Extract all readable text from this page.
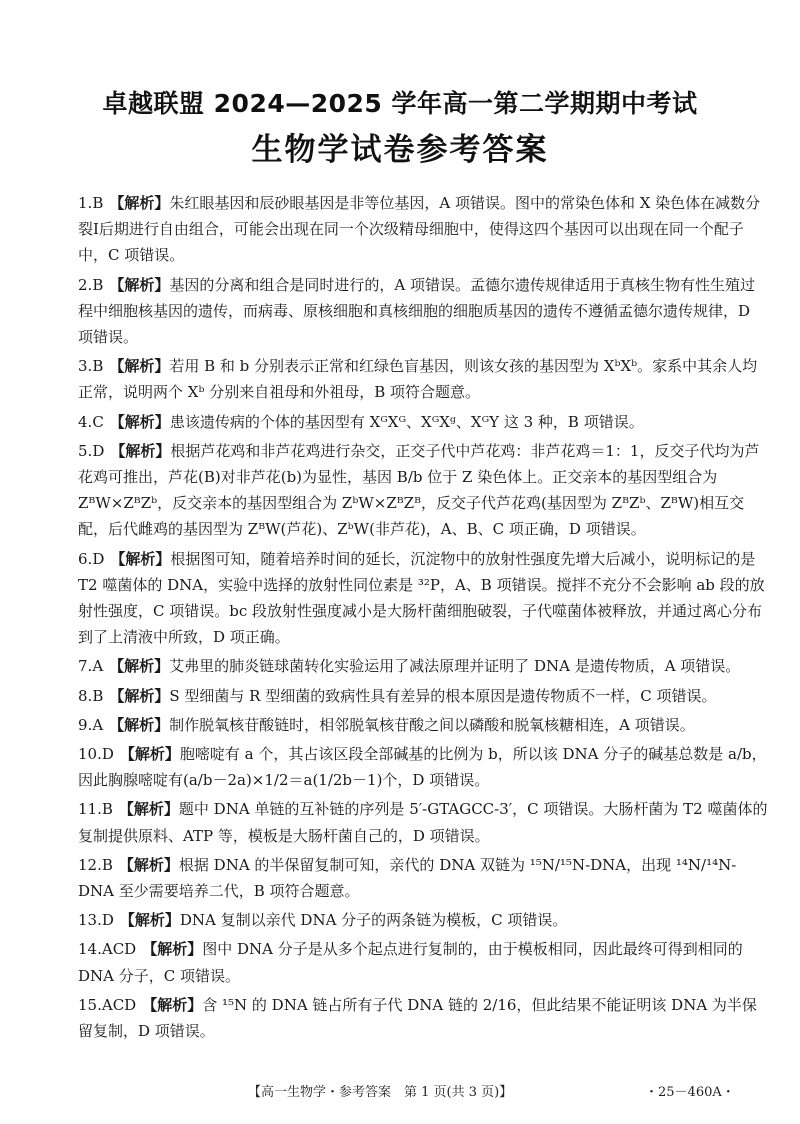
卓越联盟 2024—2025 学年高一第二学期期中考试
生物学试卷参考答案
1.B 【解析】朱红眼基因和辰砂眼基因是非等位基因，A 项错误。图中的常染色体和 X 染色体在减数分裂Ⅰ后期进行自由组合，可能会出现在同一个次级精母细胞中，使得这四个基因可以出现在同一个配子中，C 项错误。
2.B 【解析】基因的分离和组合是同时进行的，A 项错误。孟德尔遗传规律适用于真核生物有性生殖过程中细胞核基因的遗传，而病毒、原核细胞和真核细胞的细胞质基因的遗传不遵循孟德尔遗传规律，D 项错误。
3.B 【解析】若用 B 和 b 分别表示正常和红绿色盲基因，则该女孩的基因型为 XᵇXᵇ。家系中其余人均正常，说明两个 Xᵇ 分别来自祖母和外祖母，B 项符合题意。
4.C 【解析】患该遗传病的个体的基因型有 XᴳXᴳ、XᴳXᵍ、XᴳY 这 3 种，B 项错误。
5.D 【解析】根据芦花鸡和非芦花鸡进行杂交，正交子代中芦花鸡：非芦花鸡＝1：1，反交子代均为芦花鸡可推出，芦花(B)对非芦花(b)为显性，基因 B/b 位于 Z 染色体上。正交亲本的基因型组合为 ZᴮW×ZᴮZᵇ，反交亲本的基因型组合为 ZᵇW×ZᴮZᴮ，反交子代芦花鸡(基因型为 ZᴮZᵇ、ZᴮW)相互交配，后代雌鸡的基因型为 ZᴮW(芦花)、ZᵇW(非芦花)，A、B、C 项正确，D 项错误。
6.D 【解析】根据图可知，随着培养时间的延长，沉淀物中的放射性强度先增大后减小，说明标记的是 T2 噬菌体的 DNA，实验中选择的放射性同位素是 ³²P，A、B 项错误。搅拌不充分不会影响 ab 段的放射性强度，C 项错误。bc 段放射性强度减小是大肠杆菌细胞破裂，子代噬菌体被释放，并通过离心分布到了上清液中所致，D 项正确。
7.A 【解析】艾弗里的肺炎链球菌转化实验运用了减法原理并证明了 DNA 是遗传物质，A 项错误。
8.B 【解析】S 型细菌与 R 型细菌的致病性具有差异的根本原因是遗传物质不一样，C 项错误。
9.A 【解析】制作脱氧核苷酸链时，相邻脱氧核苷酸之间以磷酸和脱氧核糖相连，A 项错误。
10.D 【解析】胞嘧啶有 a 个，其占该区段全部碱基的比例为 b，所以该 DNA 分子的碱基总数是 a/b，因此胸腺嘧啶有(a/b－2a)×1/2＝a(1/2b－1)个，D 项错误。
11.B 【解析】题中 DNA 单链的互补链的序列是 5′-GTAGCC-3′，C 项错误。大肠杆菌为 T2 噬菌体的复制提供原料、ATP 等，模板是大肠杆菌自己的，D 项错误。
12.B 【解析】根据 DNA 的半保留复制可知，亲代的 DNA 双链为 ¹⁵N/¹⁵N-DNA，出现 ¹⁴N/¹⁴N-DNA 至少需要培养二代，B 项符合题意。
13.D 【解析】DNA 复制以亲代 DNA 分子的两条链为模板，C 项错误。
14.ACD 【解析】图中 DNA 分子是从多个起点进行复制的，由于模板相同，因此最终可得到相同的 DNA 分子，C 项错误。
15.ACD 【解析】含 ¹⁵N 的 DNA 链占所有子代 DNA 链的 2/16，但此结果不能证明该 DNA 为半保留复制，D 项错误。
【高一生物学・参考答案　第 1 页(共 3 页)】	・25－460A・
